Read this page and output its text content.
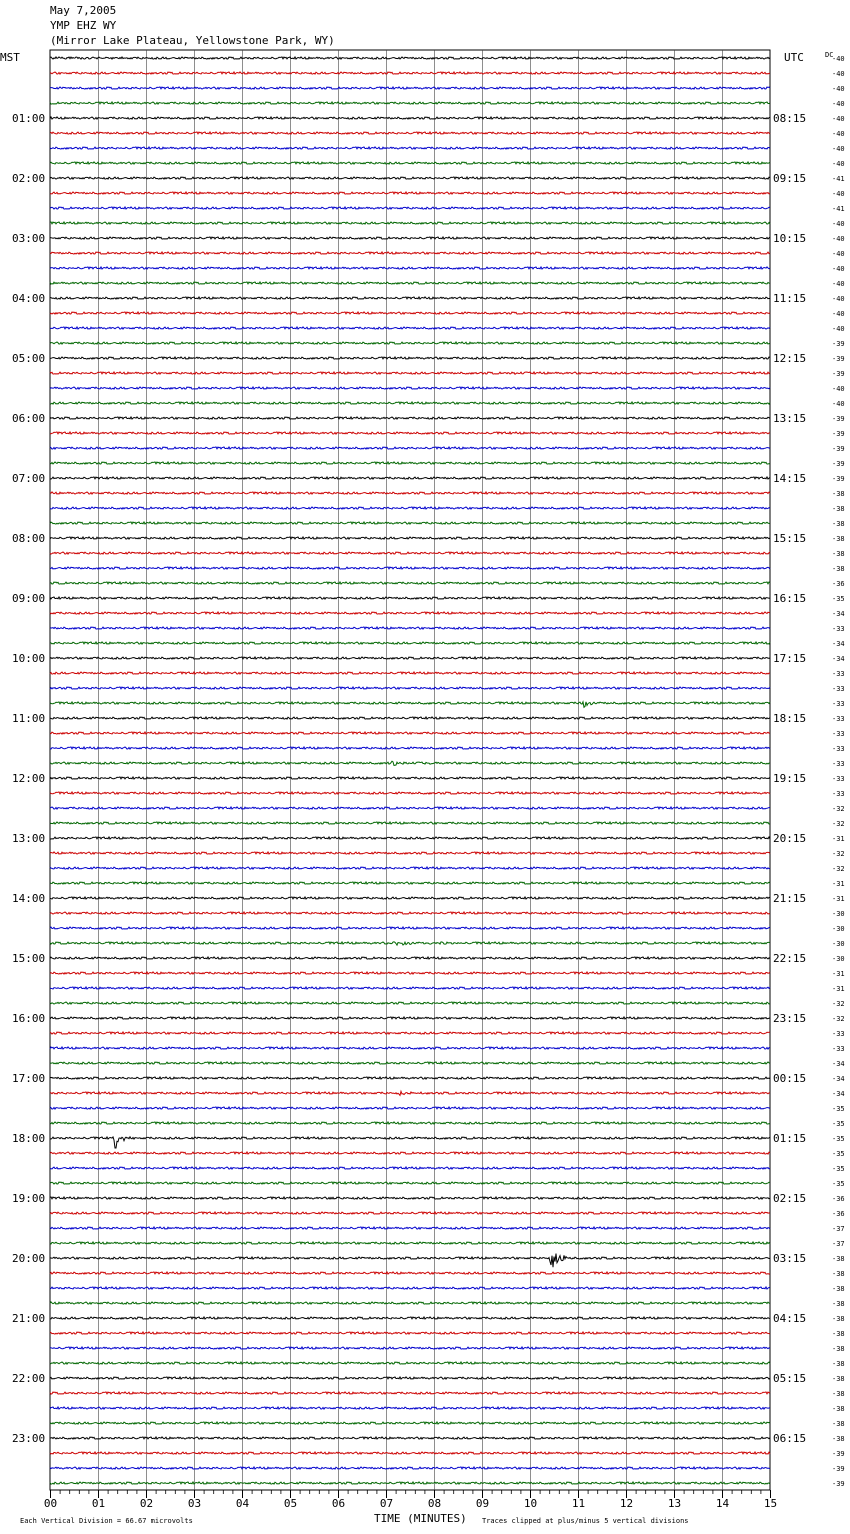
May 7,2005
YMP EHZ WY
(Mirror Lake Plateau, Yellowstone Park, WY)
MST	UTC	DC
TIME (MINUTES)
Each Vertical Division = 66.67 microvolts	Traces clipped at plus/minus 5 vertical divisions
00	01	02	03	04	05	06	07	08	09	10	11	12	13	14	15
-40
-40
-40
-40
-40
-40
-40
-40
-41
-40
-41
-40
-40
-40
-40
-40
-40
-40
-40
-39
-39
-39
-40
-40
-39
-39
-39
-39
-39
-38
-38
-38
-38
-38
-38
-36
-35
-34
-33
-34
-34
-33
-33
-33
-33
-33
-33
-33
-33
-33
-32
-32
-31
-32
-32
-31
-31
-30
-30
-30
-30
-31
-31
-32
-32
-33
-33
-34
-34
-34
-35
-35
-35
-35
-35
-35
-36
-36
-37
-37
-38
-38
-38
-38
-38
-38
-38
-38
-38
-38
-38
-38
-38
-39
-39
-39
01:00
02:00
03:00
04:00
05:00
06:00
07:00
08:00
09:00
10:00
11:00
12:00
13:00
14:00
15:00
16:00
17:00
18:00
19:00
20:00
21:00
22:00
23:00
08:15
09:15
10:15
11:15
12:15
13:15
14:15
15:15
16:15
17:15
18:15
19:15
20:15
21:15
22:15
23:15
00:15
01:15
02:15
03:15
04:15
05:15
06:15
